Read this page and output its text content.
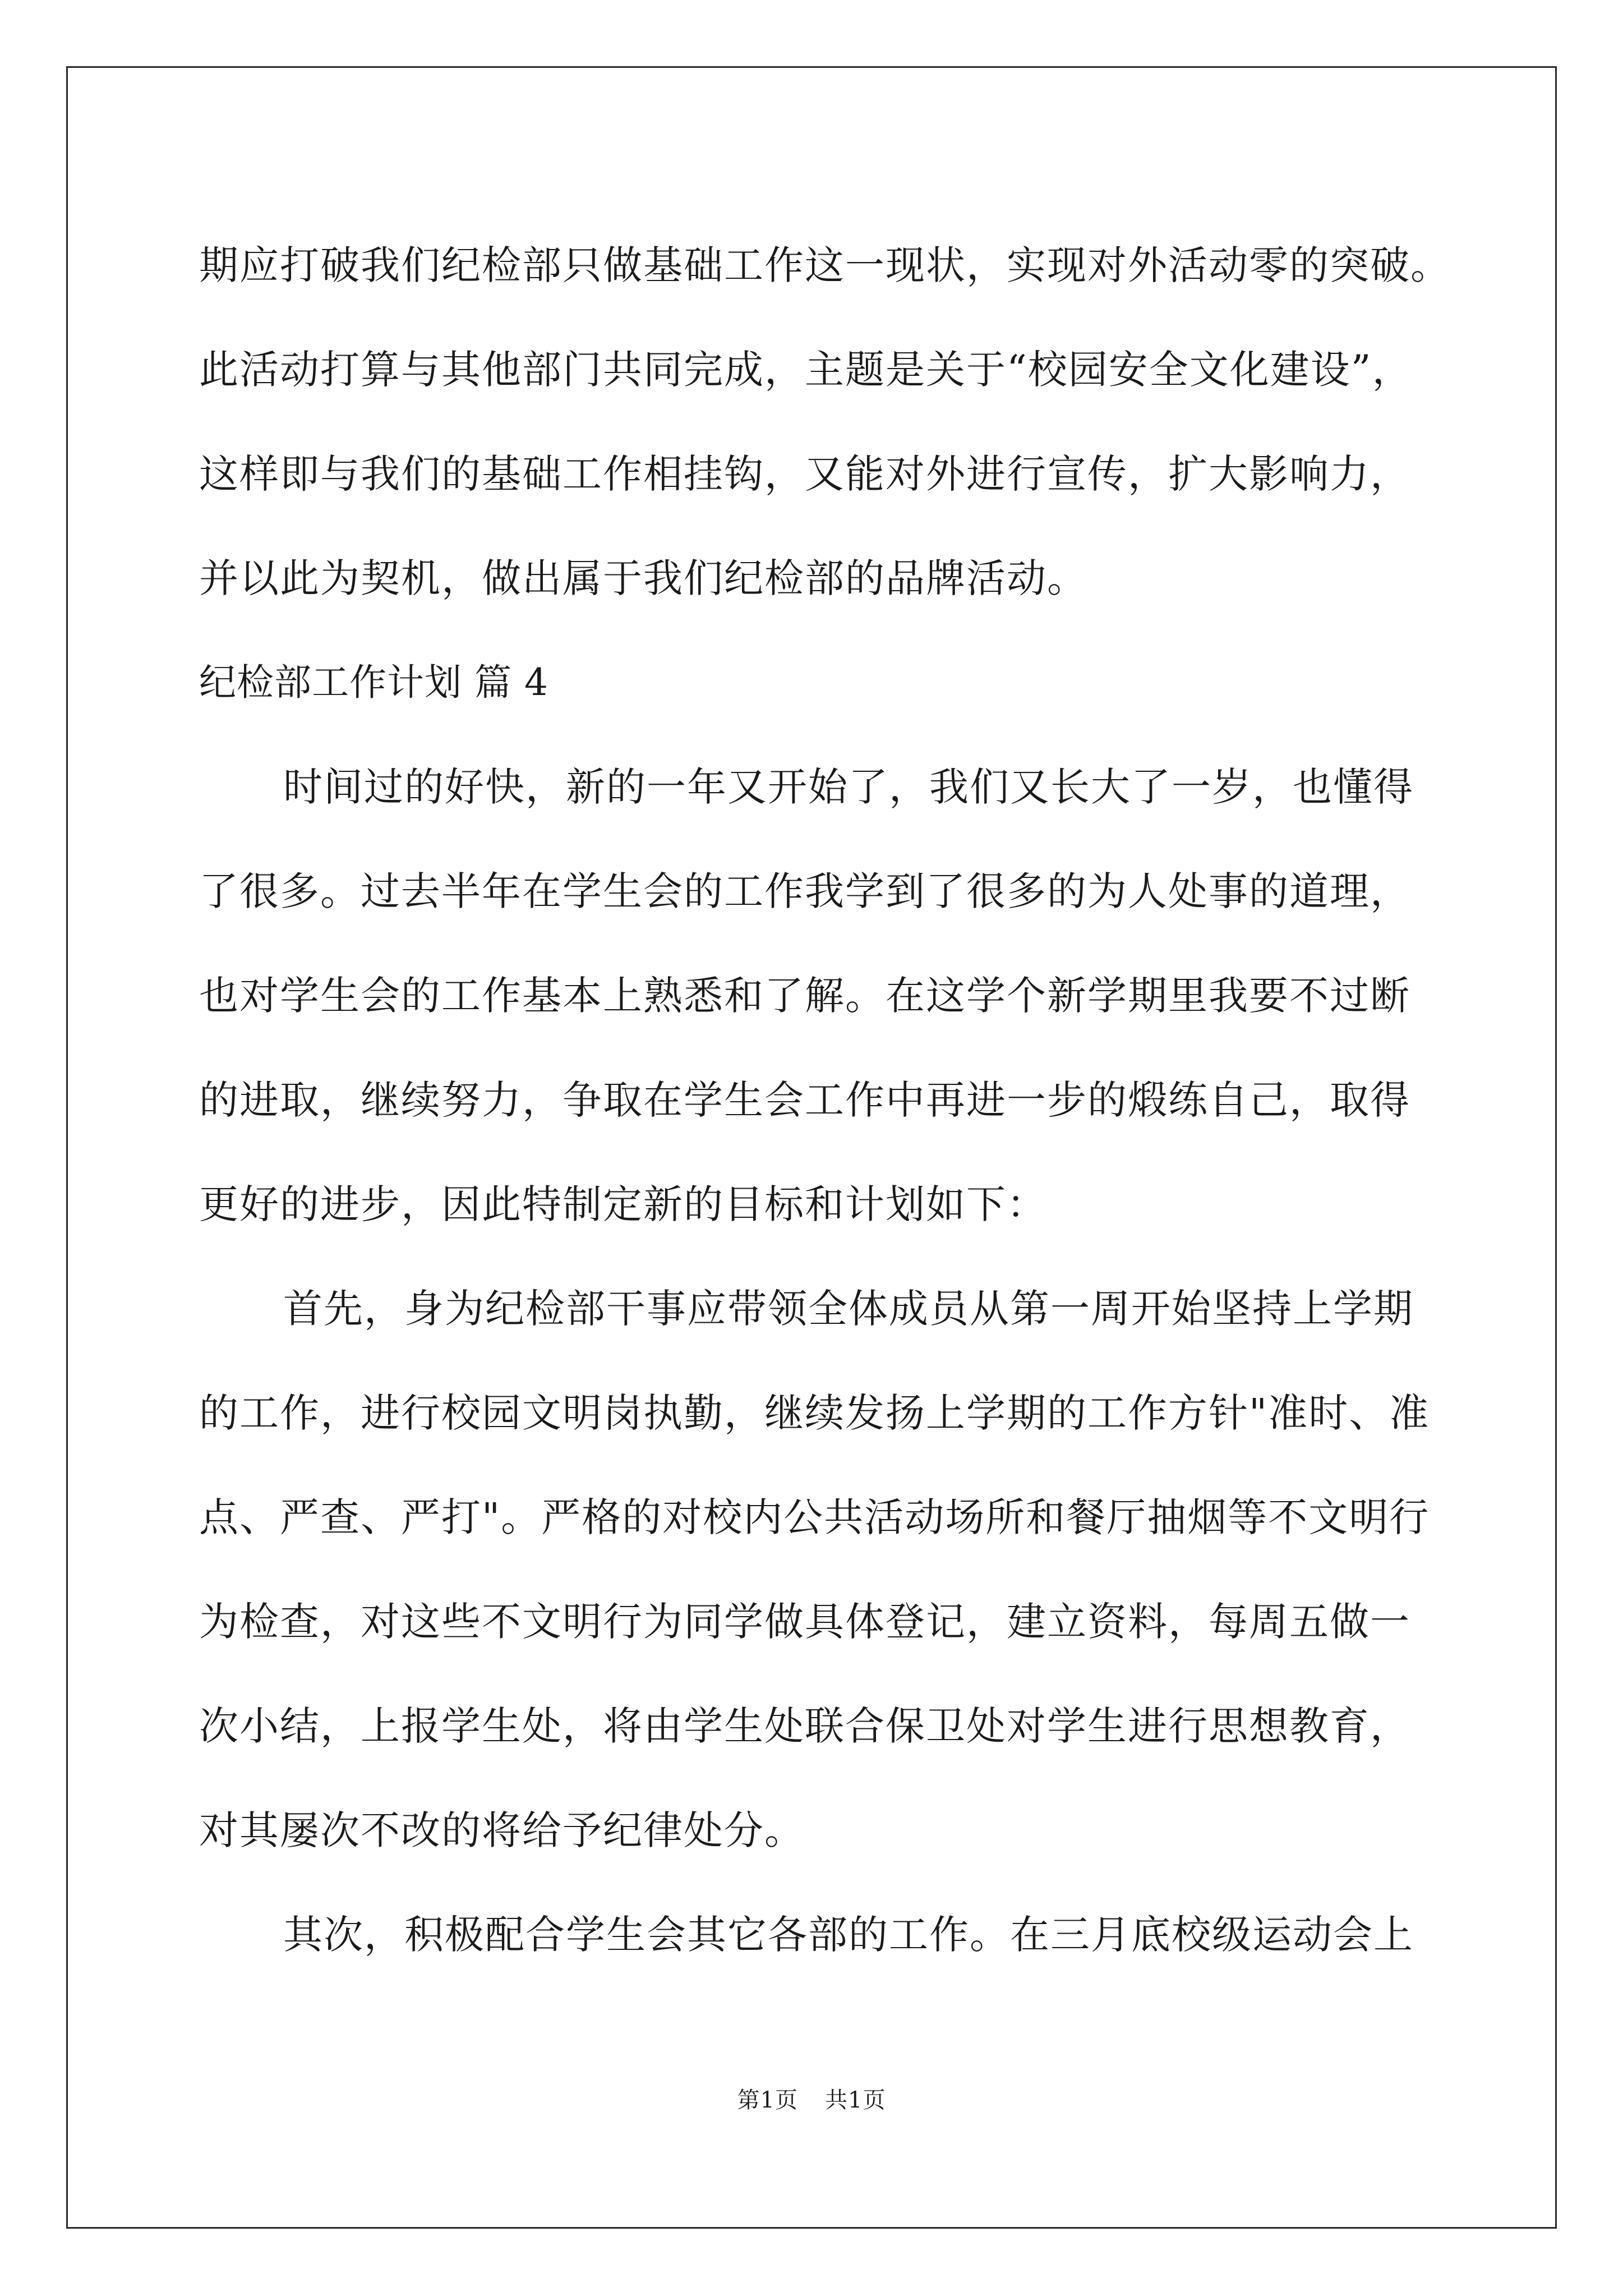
期应打破我们纪检部只做基础工作这一现状，实现对外活动零的突破。
此活动打算与其他部门共同完成，主题是关于“校园安全文化建设”，
这样即与我们的基础工作相挂钩，又能对外进行宣传，扩大影响力，
并以此为契机，做出属于我们纪检部的品牌活动。
纪检部工作计划 篇 4
时间过的好快，新的一年又开始了，我们又长大了一岁，也懂得
了很多。过去半年在学生会的工作我学到了很多的为人处事的道理，
也对学生会的工作基本上熟悉和了解。在这学个新学期里我要不过断
的进取，继续努力，争取在学生会工作中再进一步的煅练自己，取得
更好的进步，因此特制定新的目标和计划如下：
首先，身为纪检部干事应带领全体成员从第一周开始坚持上学期
的工作，进行校园文明岗执勤，继续发扬上学期的工作方针"准时、准
点、严查、严打"。严格的对校内公共活动场所和餐厅抽烟等不文明行
为检查，对这些不文明行为同学做具体登记，建立资料，每周五做一
次小结，上报学生处，将由学生处联合保卫处对学生进行思想教育，
对其屡次不改的将给予纪律处分。
其次，积极配合学生会其它各部的工作。在三月底校级运动会上
第1页 共1页
